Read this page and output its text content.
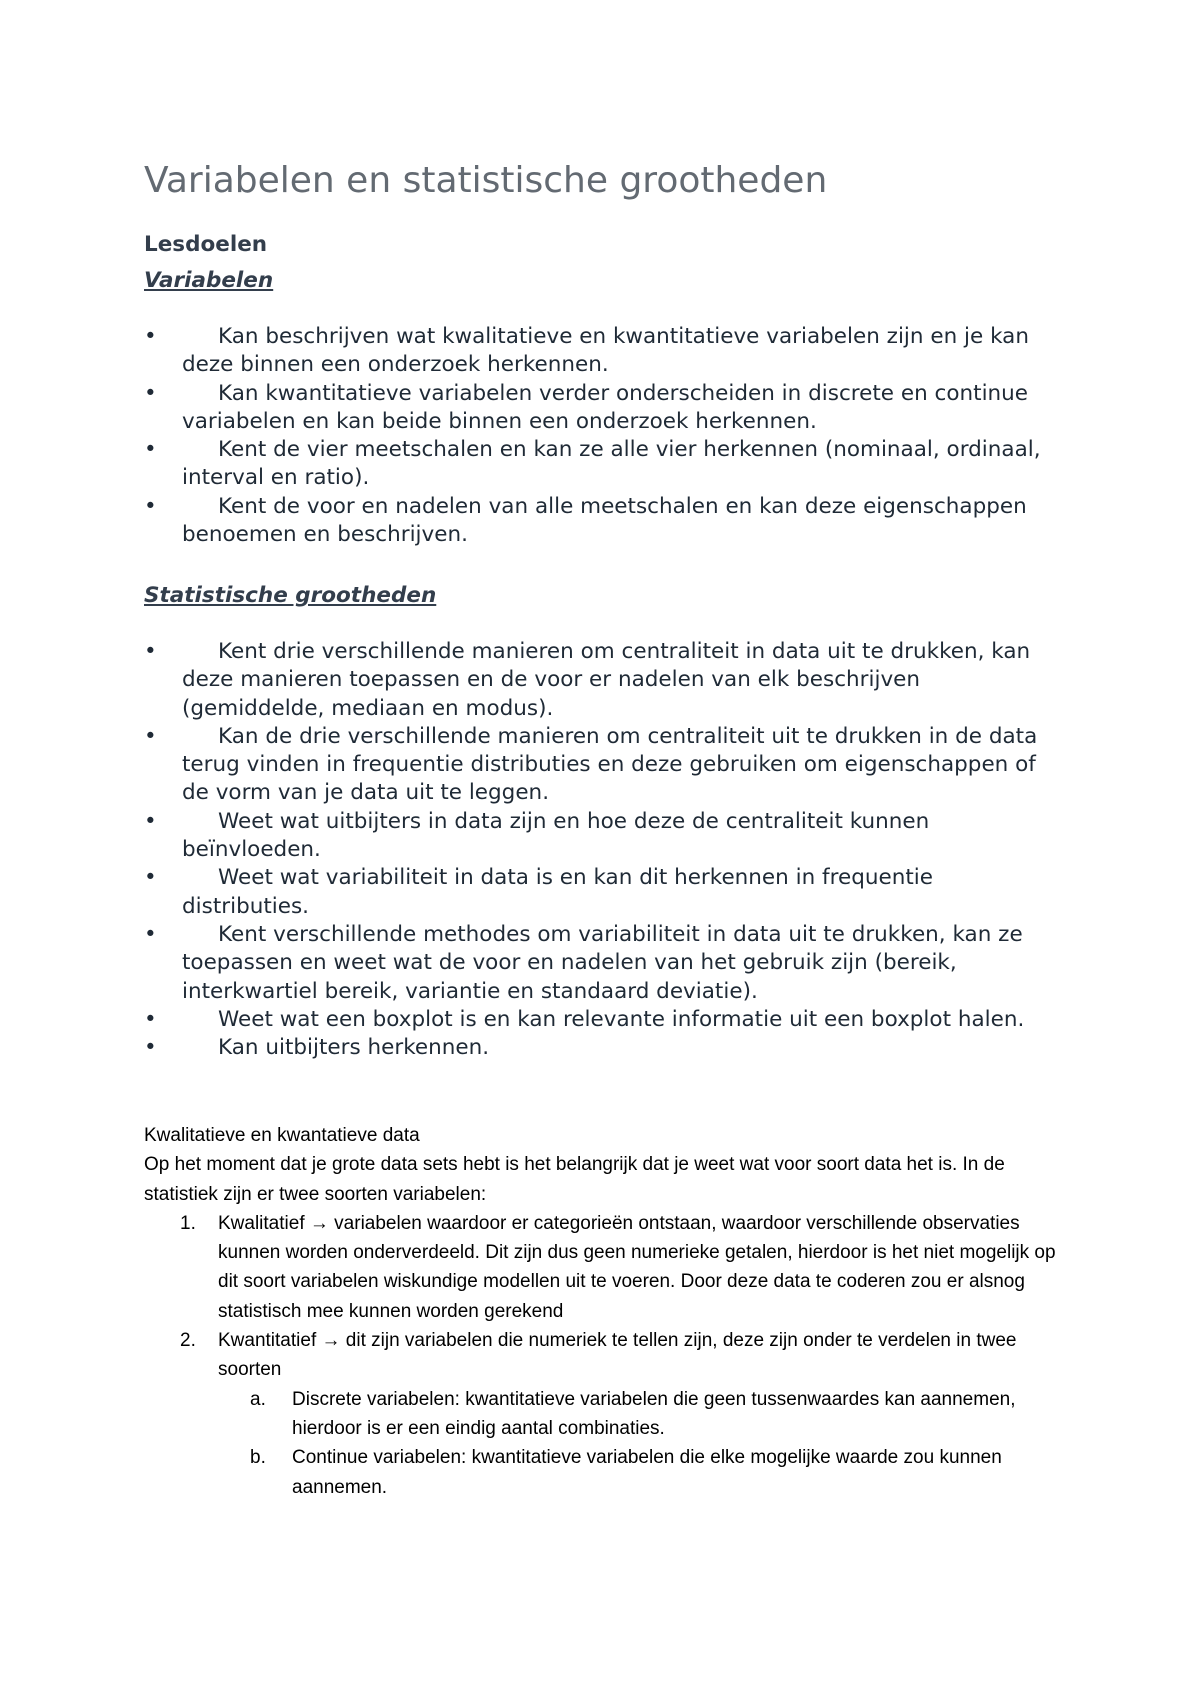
Variabelen en statistische grootheden
Lesdoelen
Variabelen
•	Kan beschrijven wat kwalitatieve en kwantitatieve variabelen zijn en je kan deze binnen een onderzoek herkennen.
•	Kan kwantitatieve variabelen verder onderscheiden in discrete en continue variabelen en kan beide binnen een onderzoek herkennen.
•	Kent de vier meetschalen en kan ze alle vier herkennen (nominaal, ordinaal, interval en ratio).
•	Kent de voor en nadelen van alle meetschalen en kan deze eigenschappen benoemen en beschrijven.
Statistische grootheden
•	Kent drie verschillende manieren om centraliteit in data uit te drukken, kan deze manieren toepassen en de voor er nadelen van elk beschrijven (gemiddelde, mediaan en modus).
•	Kan de drie verschillende manieren om centraliteit uit te drukken in de data terug vinden in frequentie distributies en deze gebruiken om eigenschappen of de vorm van je data uit te leggen.
•	Weet wat uitbijters in data zijn en hoe deze de centraliteit kunnen beïnvloeden.
•	Weet wat variabiliteit in data is en kan dit herkennen in frequentie distributies.
•	Kent verschillende methodes om variabiliteit in data uit te drukken, kan ze toepassen en weet wat de voor en nadelen van het gebruik zijn (bereik, interkwartiel bereik, variantie en standaard deviatie).
•	Weet wat een boxplot is en kan relevante informatie uit een boxplot halen.
•	Kan uitbijters herkennen.

Kwalitatieve en kwantatieve data

Op het moment dat je grote data sets hebt is het belangrijk dat je weet wat voor soort data het is. In de statistiek zijn er twee soorten variabelen:

1. Kwalitatief → variabelen waardoor er categorieën ontstaan, waardoor verschillende observaties kunnen worden onderverdeeld. Dit zijn dus geen numerieke getalen, hierdoor is het niet mogelijk op dit soort variabelen wiskundige modellen uit te voeren. Door deze data te coderen zou er alsnog statistisch mee kunnen worden gerekend
2. Kwantitatief → dit zijn variabelen die numeriek te tellen zijn, deze zijn onder te verdelen in twee soorten
a. Discrete variabelen: kwantitatieve variabelen die geen tussenwaardes kan aannemen, hierdoor is er een eindig aantal combinaties.
b. Continue variabelen: kwantitatieve variabelen die elke mogelijke waarde zou kunnen aannemen.
